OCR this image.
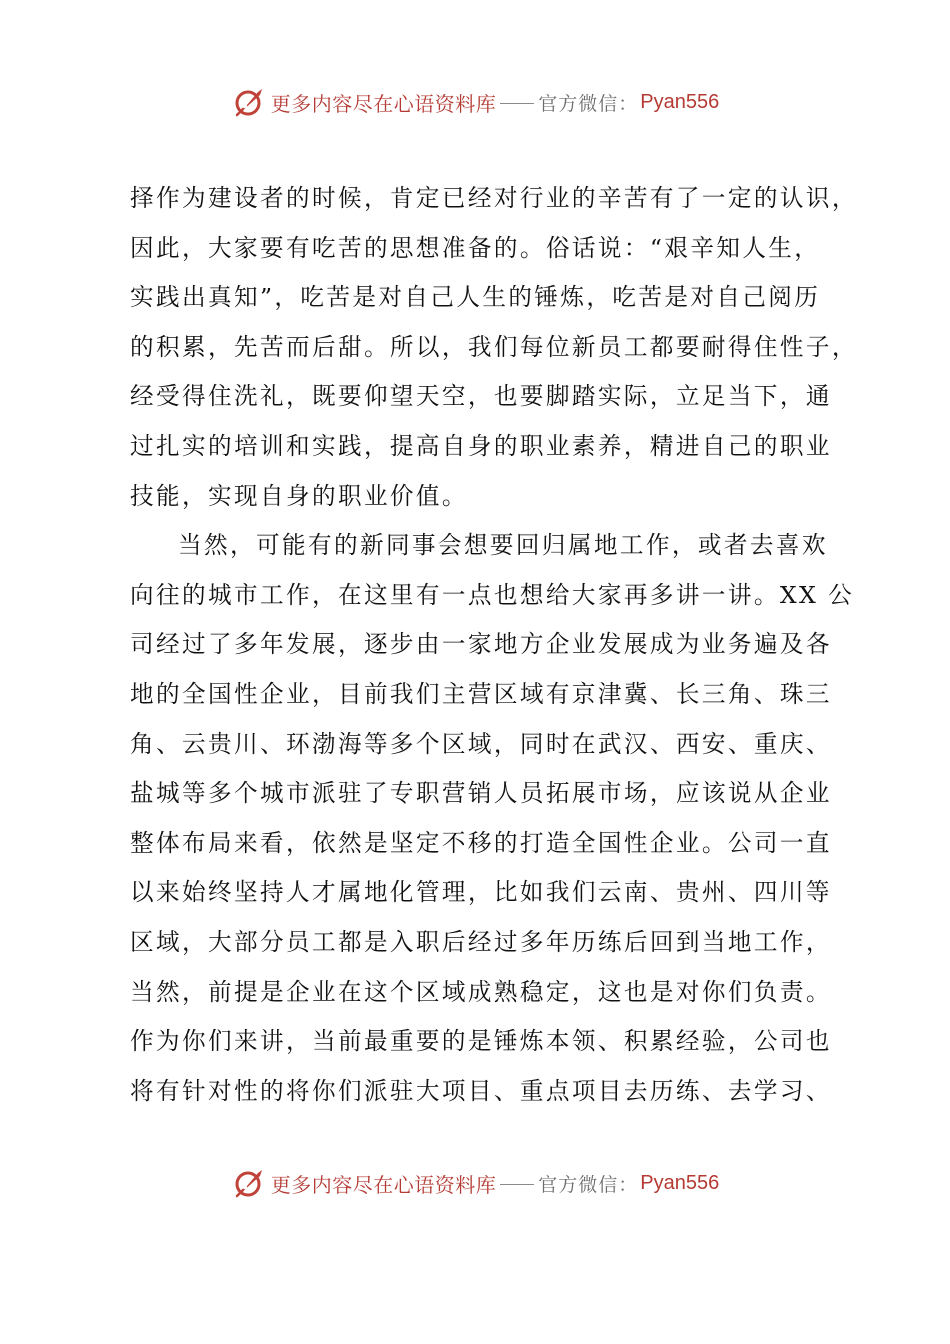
更多内容尽在心语资料库 官方微信： Pyan556
择作为建设者的时候，肯定已经对行业的辛苦有了一定的认识，
因此，大家要有吃苦的思想准备的。俗话说：“艰辛知人生，
实践出真知”，吃苦是对自己人生的锤炼，吃苦是对自己阅历
的积累，先苦而后甜。所以，我们每位新员工都要耐得住性子，
经受得住洗礼，既要仰望天空，也要脚踏实际，立足当下，通
过扎实的培训和实践，提高自身的职业素养，精进自己的职业
技能，实现自身的职业价值。
当然，可能有的新同事会想要回归属地工作，或者去喜欢
向往的城市工作，在这里有一点也想给大家再多讲一讲。XX 公
司经过了多年发展，逐步由一家地方企业发展成为业务遍及各
地的全国性企业，目前我们主营区域有京津冀、长三角、珠三
角、云贵川、环渤海等多个区域，同时在武汉、西安、重庆、
盐城等多个城市派驻了专职营销人员拓展市场，应该说从企业
整体布局来看，依然是坚定不移的打造全国性企业。公司一直
以来始终坚持人才属地化管理，比如我们云南、贵州、四川等
区域，大部分员工都是入职后经过多年历练后回到当地工作，
当然，前提是企业在这个区域成熟稳定，这也是对你们负责。
作为你们来讲，当前最重要的是锤炼本领、积累经验，公司也
将有针对性的将你们派驻大项目、重点项目去历练、去学习、
更多内容尽在心语资料库 官方微信： Pyan556
